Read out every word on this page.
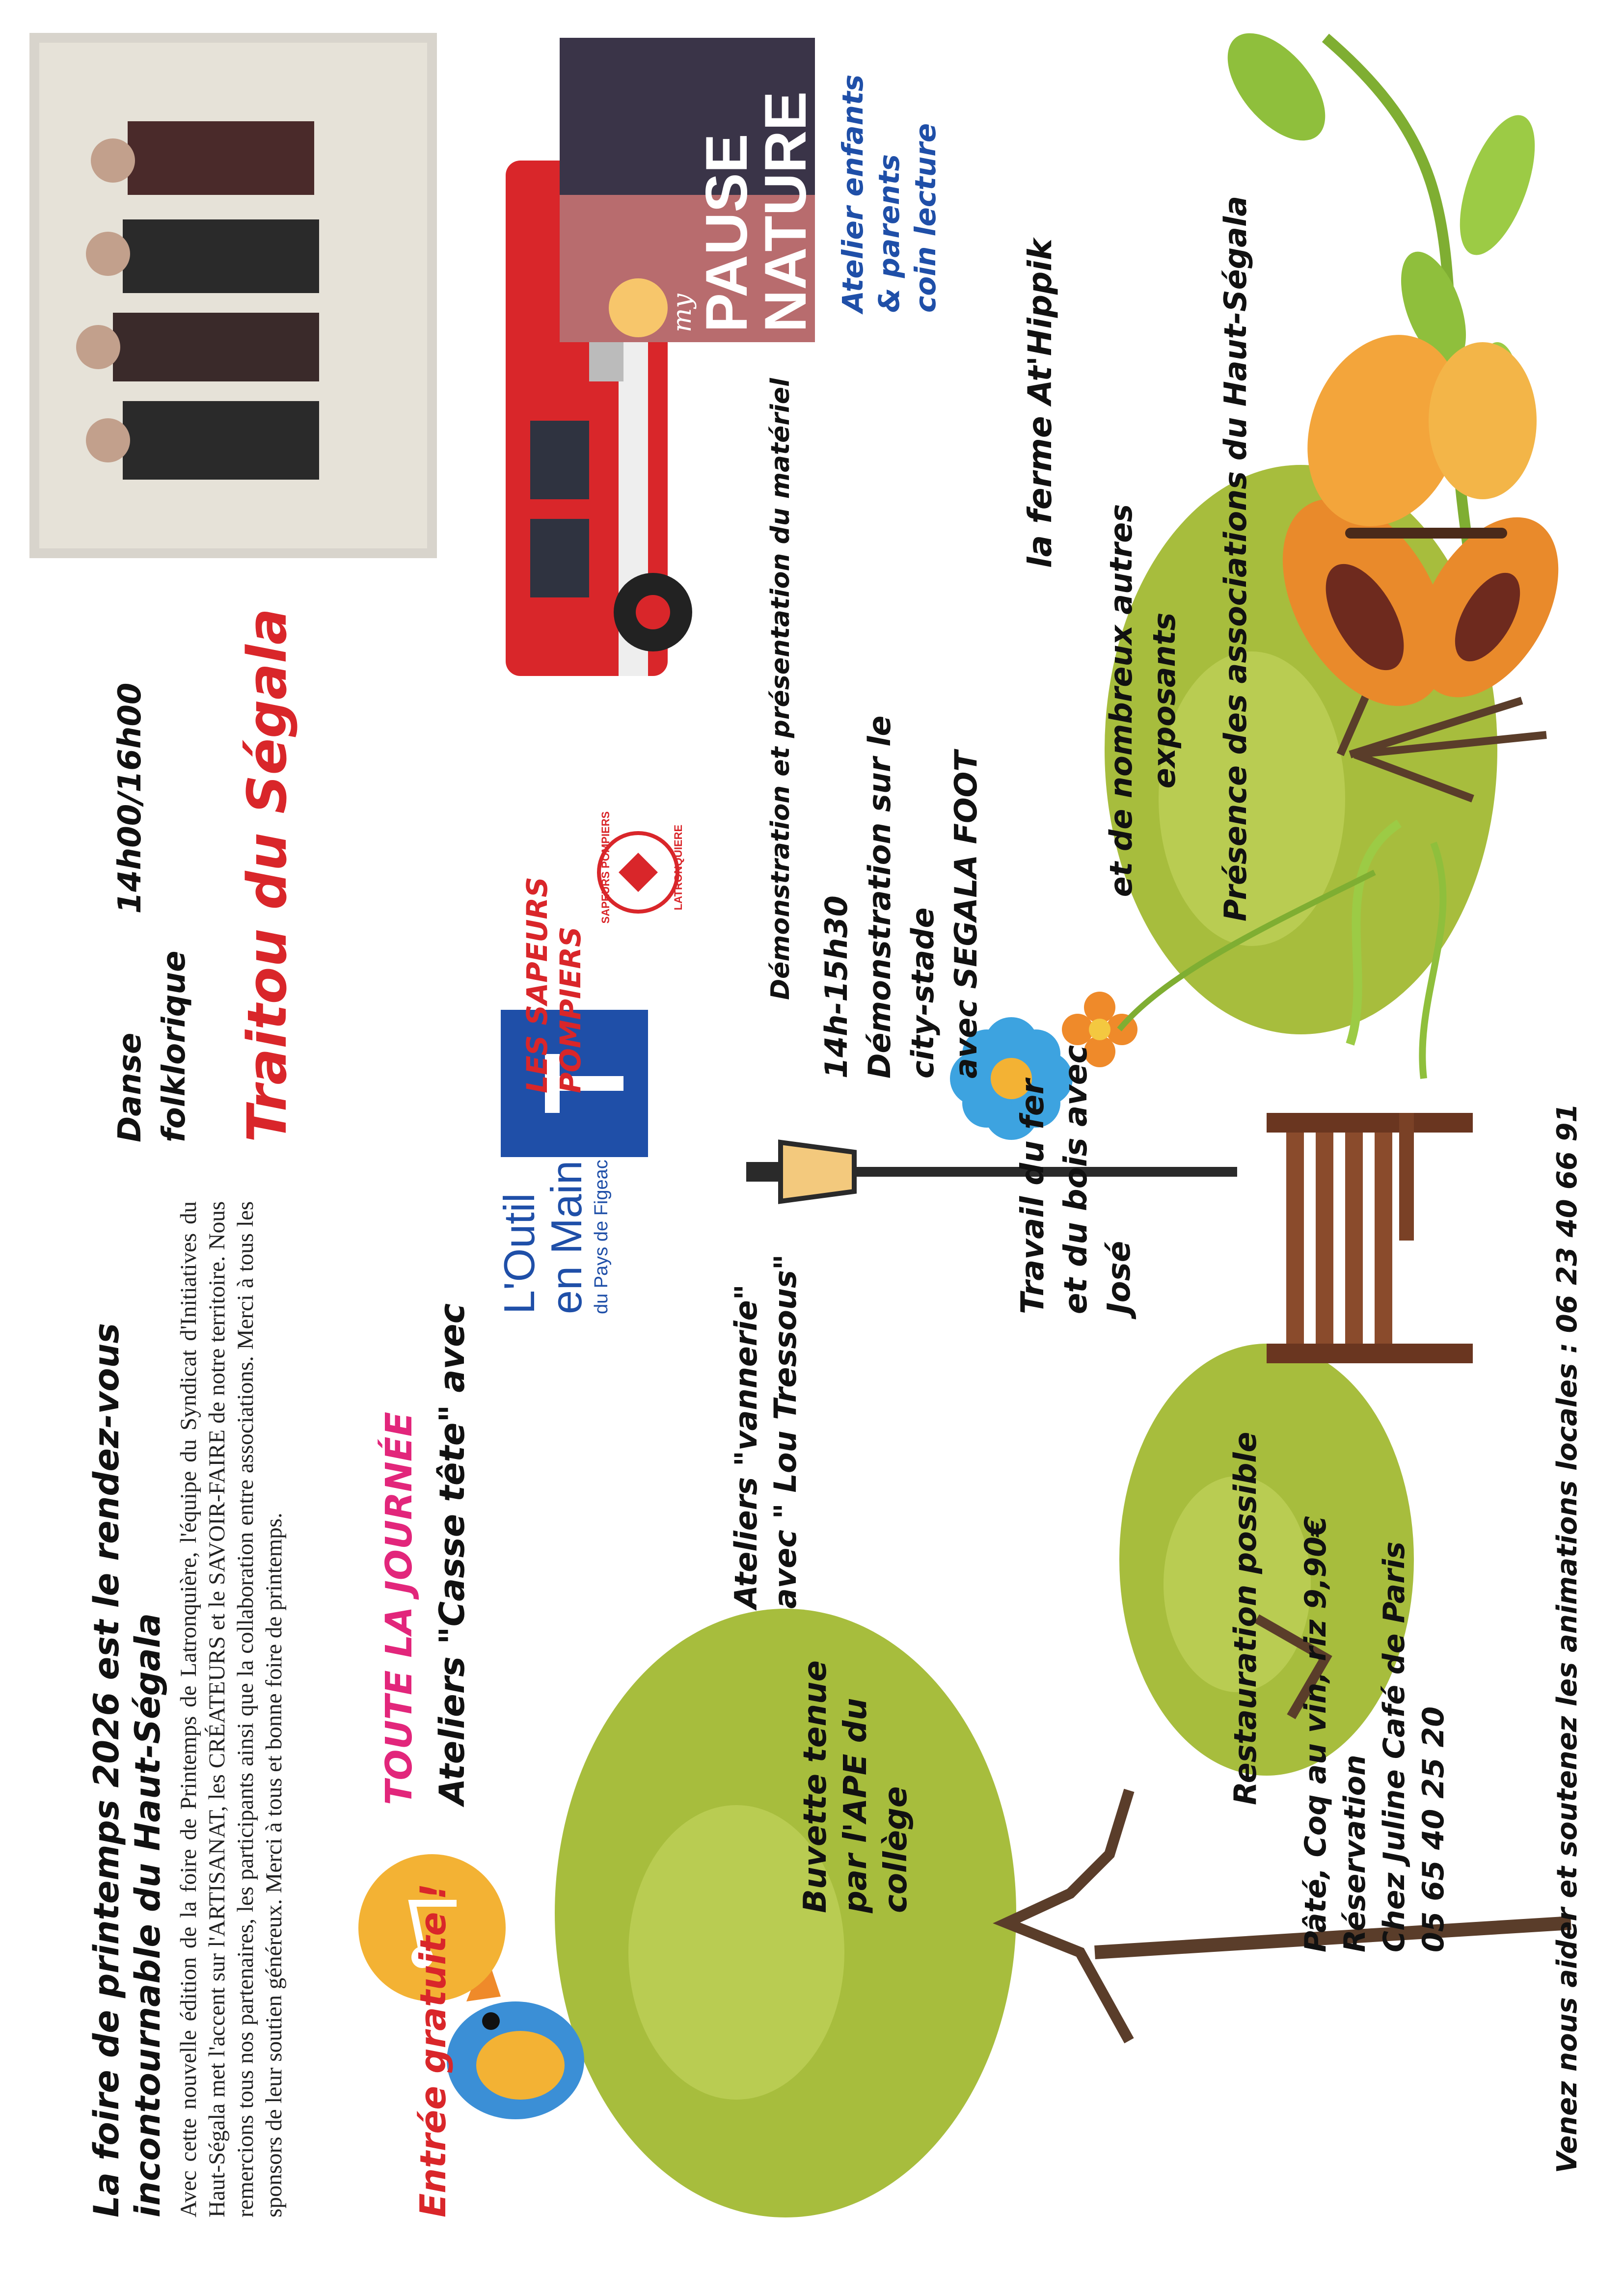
La foire de printemps 2026 est le rendez-vous incontournable du Haut-Ségala Avec cette nouvelle édition de la foire de Printemps de Latronquière, l'équipe du Syndicat d'Initiatives du Haut-Ségala met l'accent sur l'ARTISANAT, les CRÉATEURS et le SAVOIR-FAIRE de notre territoire. Nous remercions tous nos partenaires, les participants ainsi que la collaboration entre associations. Merci à tous les sponsors de leur soutien généreux. Merci à tous et bonne foire de printemps.	Entrée gratuite !
TOUTE LA JOURNÉE Ateliers "Casse tête" avec
L'Outil
en Main du Pays de Figeac
Buvette tenue par l'APE du collège
Ateliers "vannerie" avec " Lou Tressous"
Travail du fer et du bois avec José
Restauration possible Pâté, Coq au vin, riz 9,90€ Réservation Chez Juline Café de Paris 05 65 40 25 20
Danse 14h00/16h00
folklorique Traitou du Ségala	LES SAPEURS POMPIERS
SAPEURS POMPIERS	LATRONQUIERE	Démonstration et présentation du matériel 14h-15h30 Démonstration sur le city-stade avec SEGALA FOOT
et de nombreux autres exposants Présence des associations du Haut-Ségala
la ferme At'Hippik
my
PAUSE
NATURE Atelier enfants & parents coin lecture
Venez nous aider et soutenez les animations locales : 06 23 40 66 91
